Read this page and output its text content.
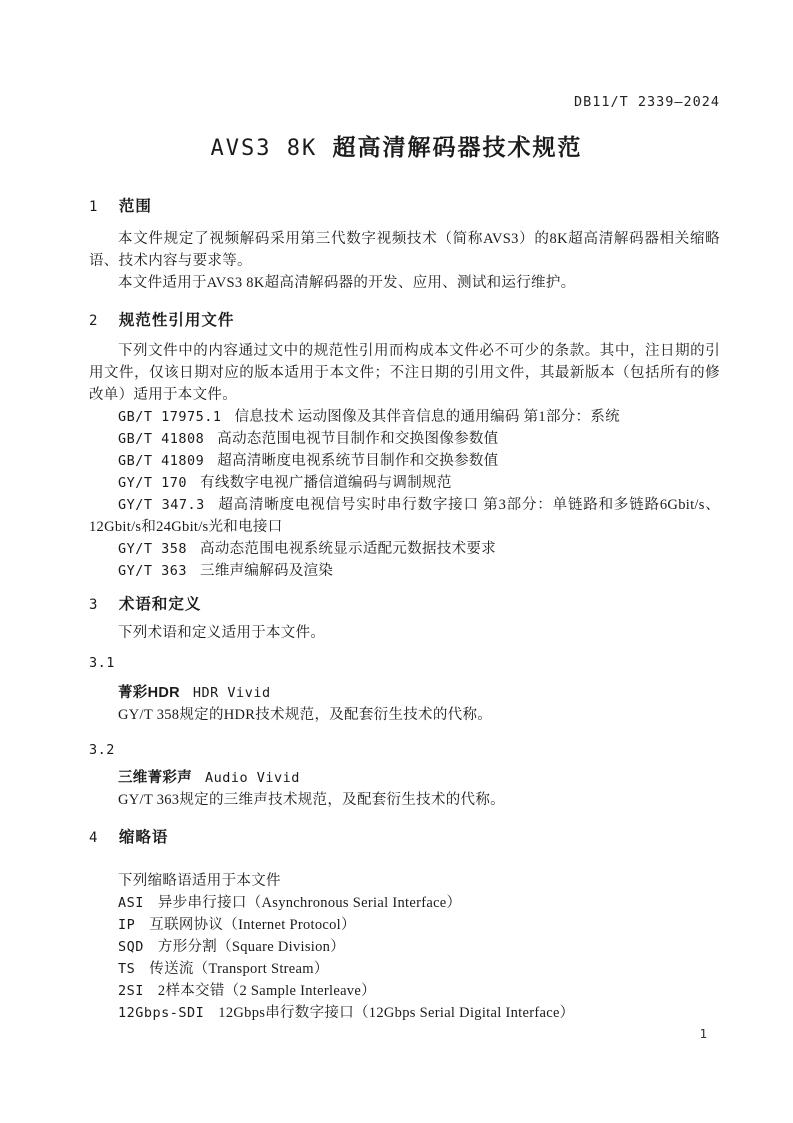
DB11/T 2339—2024
AVS3 8K 超高清解码器技术规范
1 范围

本文件规定了视频解码采用第三代数字视频技术（简称AVS3）的8K超高清解码器相关缩略语、技术内容与要求等。

本文件适用于AVS3 8K超高清解码器的开发、应用、测试和运行维护。

2 规范性引用文件

下列文件中的内容通过文中的规范性引用而构成本文件必不可少的条款。其中，注日期的引用文件，仅该日期对应的版本适用于本文件；不注日期的引用文件，其最新版本（包括所有的修改单）适用于本文件。

GB/T 17975.1 信息技术 运动图像及其伴音信息的通用编码 第1部分：系统

GB/T 41808 高动态范围电视节目制作和交换图像参数值

GB/T 41809 超高清晰度电视系统节目制作和交换参数值

GY/T 170 有线数字电视广播信道编码与调制规范

GY/T 347.3 超高清晰度电视信号实时串行数字接口 第3部分：单链路和多链路6Gbit/s、12Gbit/s和24Gbit/s光和电接口

GY/T 358 高动态范围电视系统显示适配元数据技术要求

GY/T 363 三维声编解码及渲染

3 术语和定义

下列术语和定义适用于本文件。

3.1

菁彩HDR HDR Vivid

GY/T 358规定的HDR技术规范，及配套衍生技术的代称。

3.2

三维菁彩声 Audio Vivid

GY/T 363规定的三维声技术规范，及配套衍生技术的代称。

4 缩略语

下列缩略语适用于本文件

ASI 异步串行接口（Asynchronous Serial Interface）

IP 互联网协议（Internet Protocol）

SQD 方形分割（Square Division）

TS 传送流（Transport Stream）

2SI 2样本交错（2 Sample Interleave）

12Gbps-SDI 12Gbps串行数字接口（12Gbps Serial Digital Interface）

1
